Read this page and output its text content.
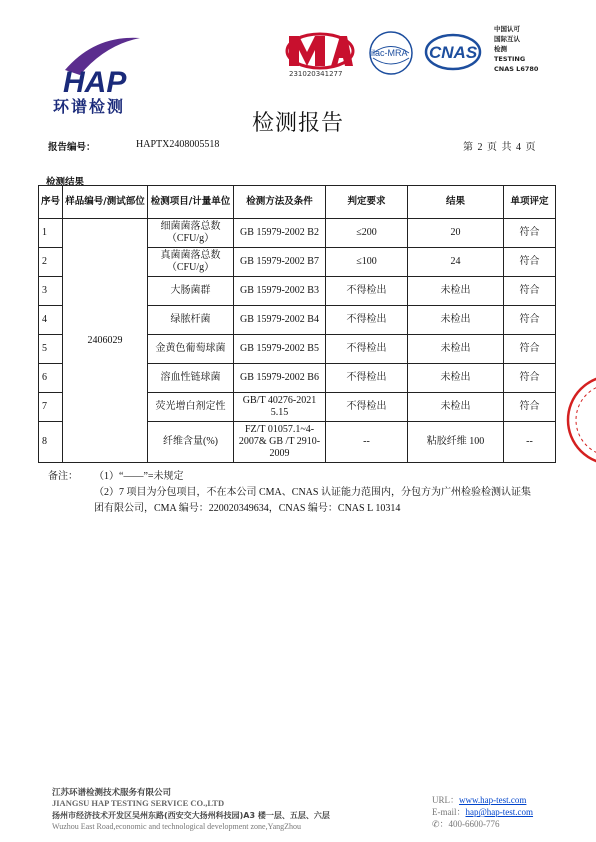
HAP
环谱检测
231020341277
ilac-MRA CNAS
中国认可
国际互认
检测
TESTING
CNAS L6780
检测报告
报告编号：	HAPTX2408005518	第 2 页 共 4 页
检测结果
序号	样品编号/测试部位	检测项目/计量单位	检测方法及条件	判定要求	结果	单项评定
1	2406029	细菌菌落总数（CFU/g）	GB 15979-2002 B2	≤200	20	符合
2		真菌菌落总数（CFU/g）	GB 15979-2002 B7	≤100	24	符合
3		大肠菌群	GB 15979-2002 B3	不得检出	未检出	符合
4		绿脓杆菌	GB 15979-2002 B4	不得检出	未检出	符合
5		金黄色葡萄球菌	GB 15979-2002 B5	不得检出	未检出	符合
6		溶血性链球菌	GB 15979-2002 B6	不得检出	未检出	符合
7		荧光增白剂定性	GB/T 40276-2021 5.15	不得检出	未检出	符合
8		纤维含量(%)	FZ/T 01057.1~4-2007& GB /T 2910-2009	--	粘胶纤维 100	--
备注： （1）“——”=未规定
（2）7 项目为分包项目，不在本公司 CMA、CNAS 认证能力范围内，分包方为广州检验检测认证集
团有限公司，CMA 编号：220020349634，CNAS 编号：CNAS L 10314
江苏环谱检测技术服务有限公司
JIANGSU HAP TESTING SERVICE CO.,LTD
扬州市经济技术开发区吴州东路(西安交大扬州科技园)A3 楼一层、五层、六层
Wuzhou East Road,economic and technological development zone,YangZhou
URL：www.hap-test.com
E-mail：hap@hap-test.com
✆：400-6600-776
